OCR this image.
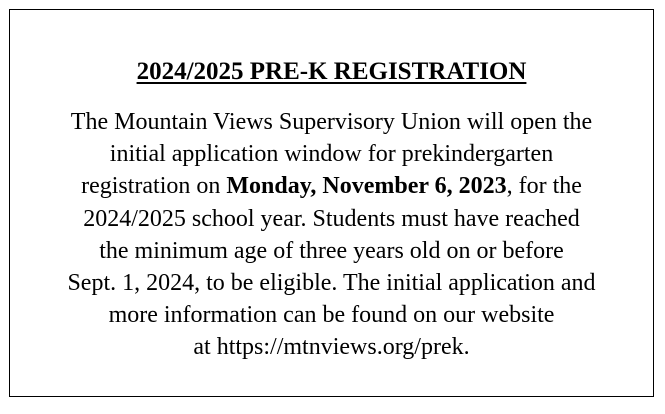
2024/2025 PRE-K REGISTRATION

The Mountain Views Supervisory Union will open the
initial application window for prekindergarten
registration on Monday, November 6, 2023, for the
2024/2025 school year. Students must have reached
the minimum age of three years old on or before
Sept. 1, 2024, to be eligible. The initial application and
more information can be found on our website
at https://mtnviews.org/prek.
